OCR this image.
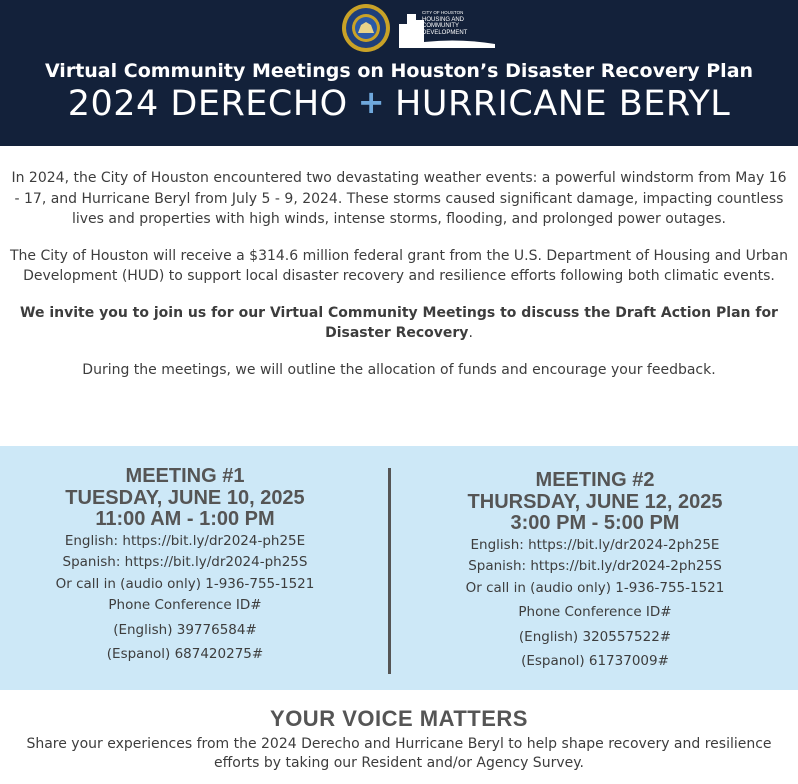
CITY OF HOUSTON
HOUSING AND
COMMUNITY
DEVELOPMENT
Virtual Community Meetings on Houston’s Disaster Recovery Plan
2024 DERECHO + HURRICANE BERYL

In 2024, the City of Houston encountered two devastating weather events: a powerful windstorm from May 16 - 17, and Hurricane Beryl from July 5 - 9, 2024. These storms caused significant damage, impacting countless lives and properties with high winds, intense storms, flooding, and prolonged power outages.

The City of Houston will receive a $314.6 million federal grant from the U.S. Department of Housing and Urban Development (HUD) to support local disaster recovery and resilience efforts following both climatic events.

We invite you to join us for our Virtual Community Meetings to discuss the Draft Action Plan for Disaster Recovery.

During the meetings, we will outline the allocation of funds and encourage your feedback.

MEETING #1
TUESDAY, JUNE 10, 2025
11:00 AM - 1:00 PM
English: https://bit.ly/dr2024-ph25E
Spanish: https://bit.ly/dr2024-ph25S
Or call in (audio only) 1-936-755-1521
Phone Conference ID#
(English) 39776584#
(Espanol) 687420275#
MEETING #2
THURSDAY, JUNE 12, 2025
3:00 PM - 5:00 PM
English: https://bit.ly/dr2024-2ph25E
Spanish: https://bit.ly/dr2024-2ph25S
Or call in (audio only) 1-936-755-1521
Phone Conference ID#
(English) 320557522#
(Espanol) 61737009#
YOUR VOICE MATTERS
Share your experiences from the 2024 Derecho and Hurricane Beryl to help shape recovery and resilience efforts by taking our Resident and/or Agency Survey.
